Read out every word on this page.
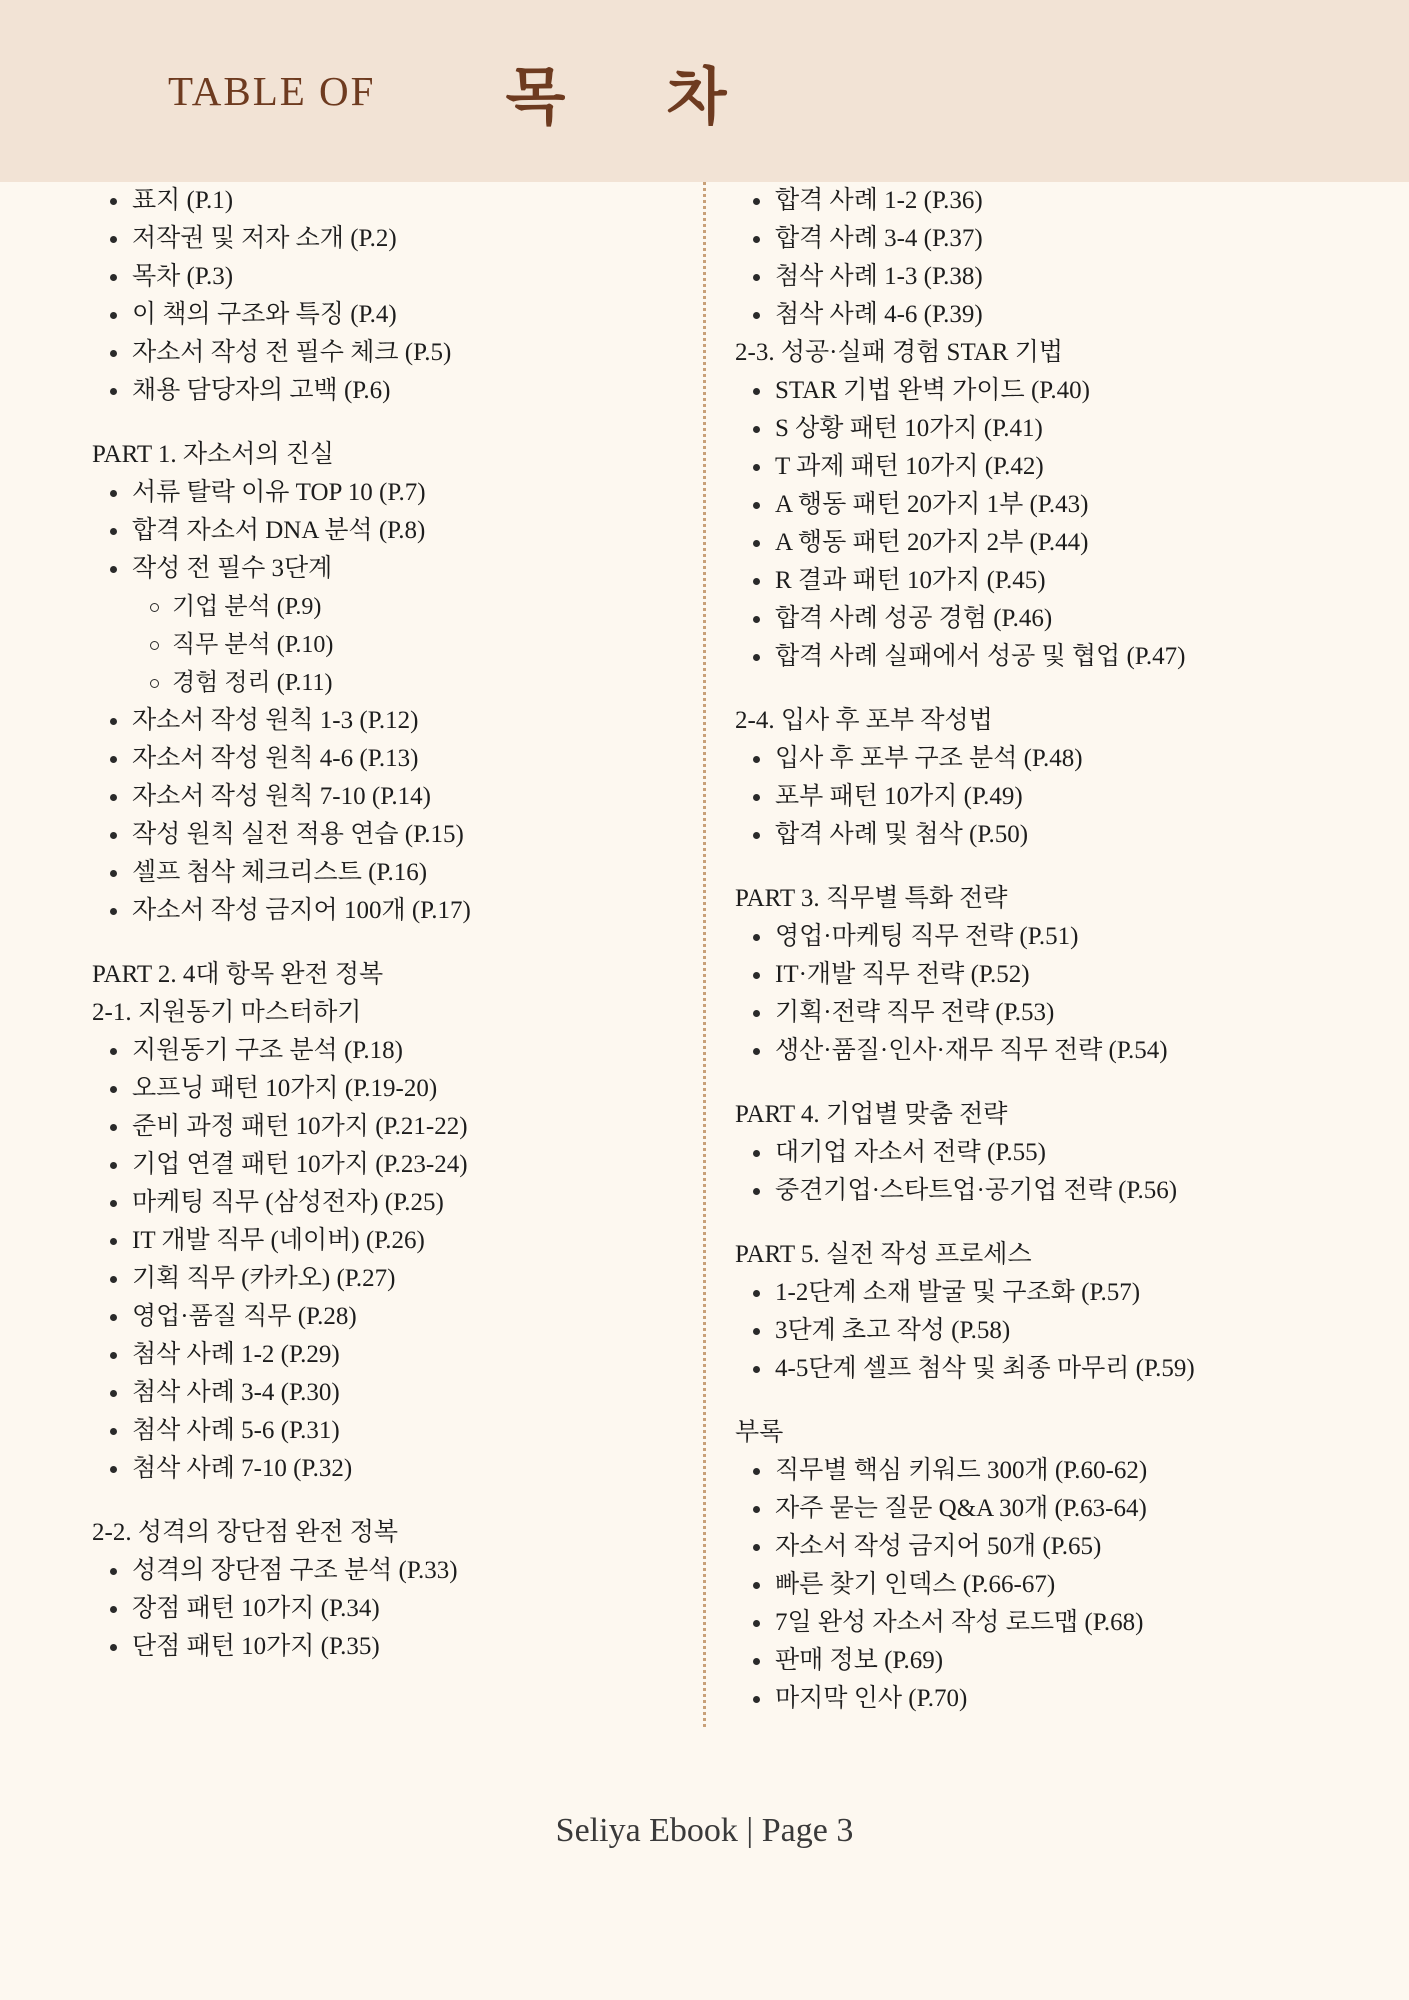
TABLE OF 목 차
표지 (P.1)
저작권 및 저자 소개 (P.2)
목차 (P.3)
이 책의 구조와 특징 (P.4)
자소서 작성 전 필수 체크 (P.5)
채용 담당자의 고백 (P.6)
PART 1. 자소서의 진실
서류 탈락 이유 TOP 10 (P.7)
합격 자소서 DNA 분석 (P.8)
작성 전 필수 3단계
기업 분석 (P.9)
직무 분석 (P.10)
경험 정리 (P.11)
자소서 작성 원칙 1-3 (P.12)
자소서 작성 원칙 4-6 (P.13)
자소서 작성 원칙 7-10 (P.14)
작성 원칙 실전 적용 연습 (P.15)
셀프 첨삭 체크리스트 (P.16)
자소서 작성 금지어 100개 (P.17)
PART 2. 4대 항목 완전 정복
2-1. 지원동기 마스터하기
지원동기 구조 분석 (P.18)
오프닝 패턴 10가지 (P.19-20)
준비 과정 패턴 10가지 (P.21-22)
기업 연결 패턴 10가지 (P.23-24)
마케팅 직무 (삼성전자) (P.25)
IT 개발 직무 (네이버) (P.26)
기획 직무 (카카오) (P.27)
영업·품질 직무 (P.28)
첨삭 사례 1-2 (P.29)
첨삭 사례 3-4 (P.30)
첨삭 사례 5-6 (P.31)
첨삭 사례 7-10 (P.32)
2-2. 성격의 장단점 완전 정복
성격의 장단점 구조 분석 (P.33)
장점 패턴 10가지 (P.34)
단점 패턴 10가지 (P.35)
합격 사례 1-2 (P.36)
합격 사례 3-4 (P.37)
첨삭 사례 1-3 (P.38)
첨삭 사례 4-6 (P.39)
2-3. 성공·실패 경험 STAR 기법
STAR 기법 완벽 가이드 (P.40)
S 상황 패턴 10가지 (P.41)
T 과제 패턴 10가지 (P.42)
A 행동 패턴 20가지 1부 (P.43)
A 행동 패턴 20가지 2부 (P.44)
R 결과 패턴 10가지 (P.45)
합격 사례 성공 경험 (P.46)
합격 사례 실패에서 성공 및 협업 (P.47)
2-4. 입사 후 포부 작성법
입사 후 포부 구조 분석 (P.48)
포부 패턴 10가지 (P.49)
합격 사례 및 첨삭 (P.50)
PART 3. 직무별 특화 전략
영업·마케팅 직무 전략 (P.51)
IT·개발 직무 전략 (P.52)
기획·전략 직무 전략 (P.53)
생산·품질·인사·재무 직무 전략 (P.54)
PART 4. 기업별 맞춤 전략
대기업 자소서 전략 (P.55)
중견기업·스타트업·공기업 전략 (P.56)
PART 5. 실전 작성 프로세스
1-2단계 소재 발굴 및 구조화 (P.57)
3단계 초고 작성 (P.58)
4-5단계 셀프 첨삭 및 최종 마무리 (P.59)
부록
직무별 핵심 키워드 300개 (P.60-62)
자주 묻는 질문 Q&A 30개 (P.63-64)
자소서 작성 금지어 50개 (P.65)
빠른 찾기 인덱스 (P.66-67)
7일 완성 자소서 작성 로드맵 (P.68)
판매 정보 (P.69)
마지막 인사 (P.70)
Seliya Ebook | Page 3
